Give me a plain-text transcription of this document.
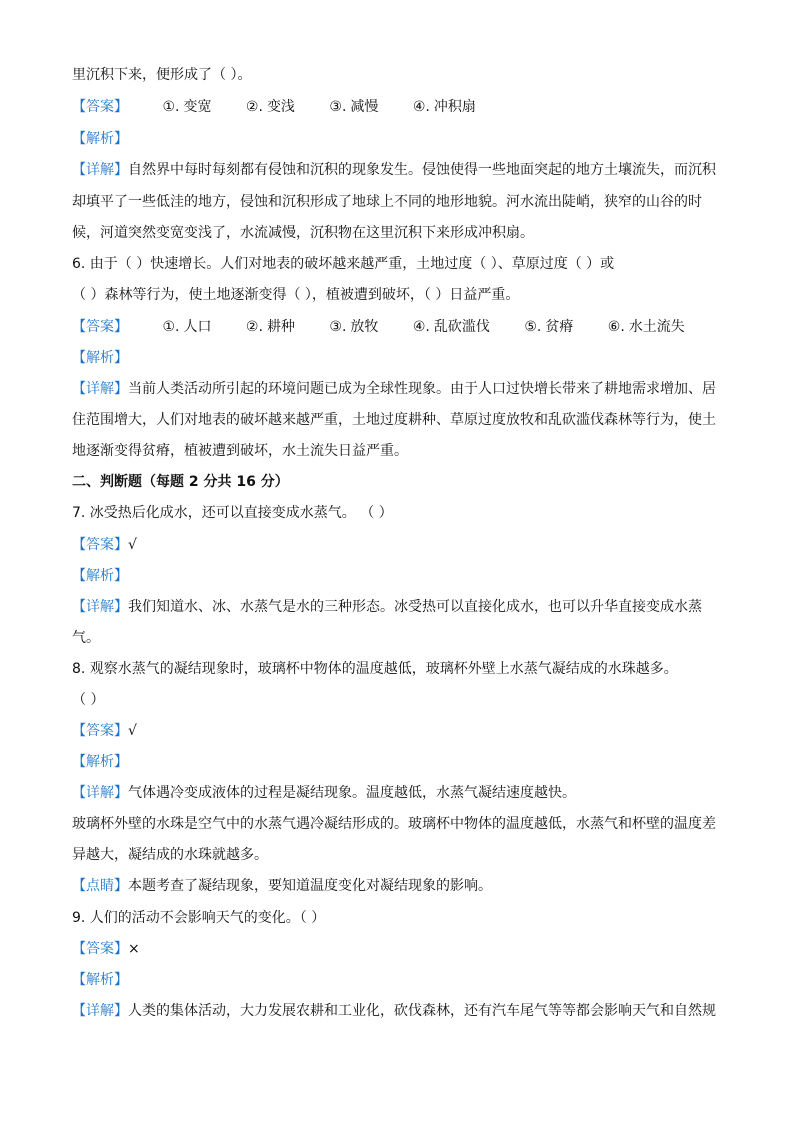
里沉积下来，便形成了（ ）。
【答案】 ①. 变宽 ②. 变浅 ③. 减慢 ④. 冲积扇
【解析】
【详解】自然界中每时每刻都有侵蚀和沉积的现象发生。侵蚀使得一些地面突起的地方土壤流失，而沉积
却填平了一些低洼的地方，侵蚀和沉积形成了地球上不同的地形地貌。河水流出陡峭，狭窄的山谷的时
候，河道突然变宽变浅了，水流减慢，沉积物在这里沉积下来形成冲积扇。
6. 由于（ ）快速增长。人们对地表的破坏越来越严重，土地过度（ ）、草原过度（ ）或
（ ）森林等行为，使土地逐渐变得（ ），植被遭到破坏，（ ）日益严重。
【答案】 ①. 人口 ②. 耕种 ③. 放牧 ④. 乱砍滥伐 ⑤. 贫瘠 ⑥. 水土流失
【解析】
【详解】当前人类活动所引起的环境问题已成为全球性现象。由于人口过快增长带来了耕地需求增加、居
住范围增大，人们对地表的破坏越来越严重，土地过度耕种、草原过度放牧和乱砍滥伐森林等行为，使土
地逐渐变得贫瘠，植被遭到破坏，水土流失日益严重。
二、判断题（每题 2 分共 16 分）
7. 冰受热后化成水，还可以直接变成水蒸气。 （ ）
【答案】√
【解析】
【详解】我们知道水、冰、水蒸气是水的三种形态。冰受热可以直接化成水，也可以升华直接变成水蒸
气。
8. 观察水蒸气的凝结现象时，玻璃杯中物体的温度越低，玻璃杯外壁上水蒸气凝结成的水珠越多。
（ ）
【答案】√
【解析】
【详解】气体遇冷变成液体的过程是凝结现象。温度越低，水蒸气凝结速度越快。
玻璃杯外壁的水珠是空气中的水蒸气遇冷凝结形成的。玻璃杯中物体的温度越低，水蒸气和杯壁的温度差
异越大，凝结成的水珠就越多。
【点睛】本题考查了凝结现象，要知道温度变化对凝结现象的影响。
9. 人们的活动不会影响天气的变化。（ ）
【答案】×
【解析】
【详解】人类的集体活动，大力发展农耕和工业化，砍伐森林，还有汽车尾气等等都会影响天气和自然规
